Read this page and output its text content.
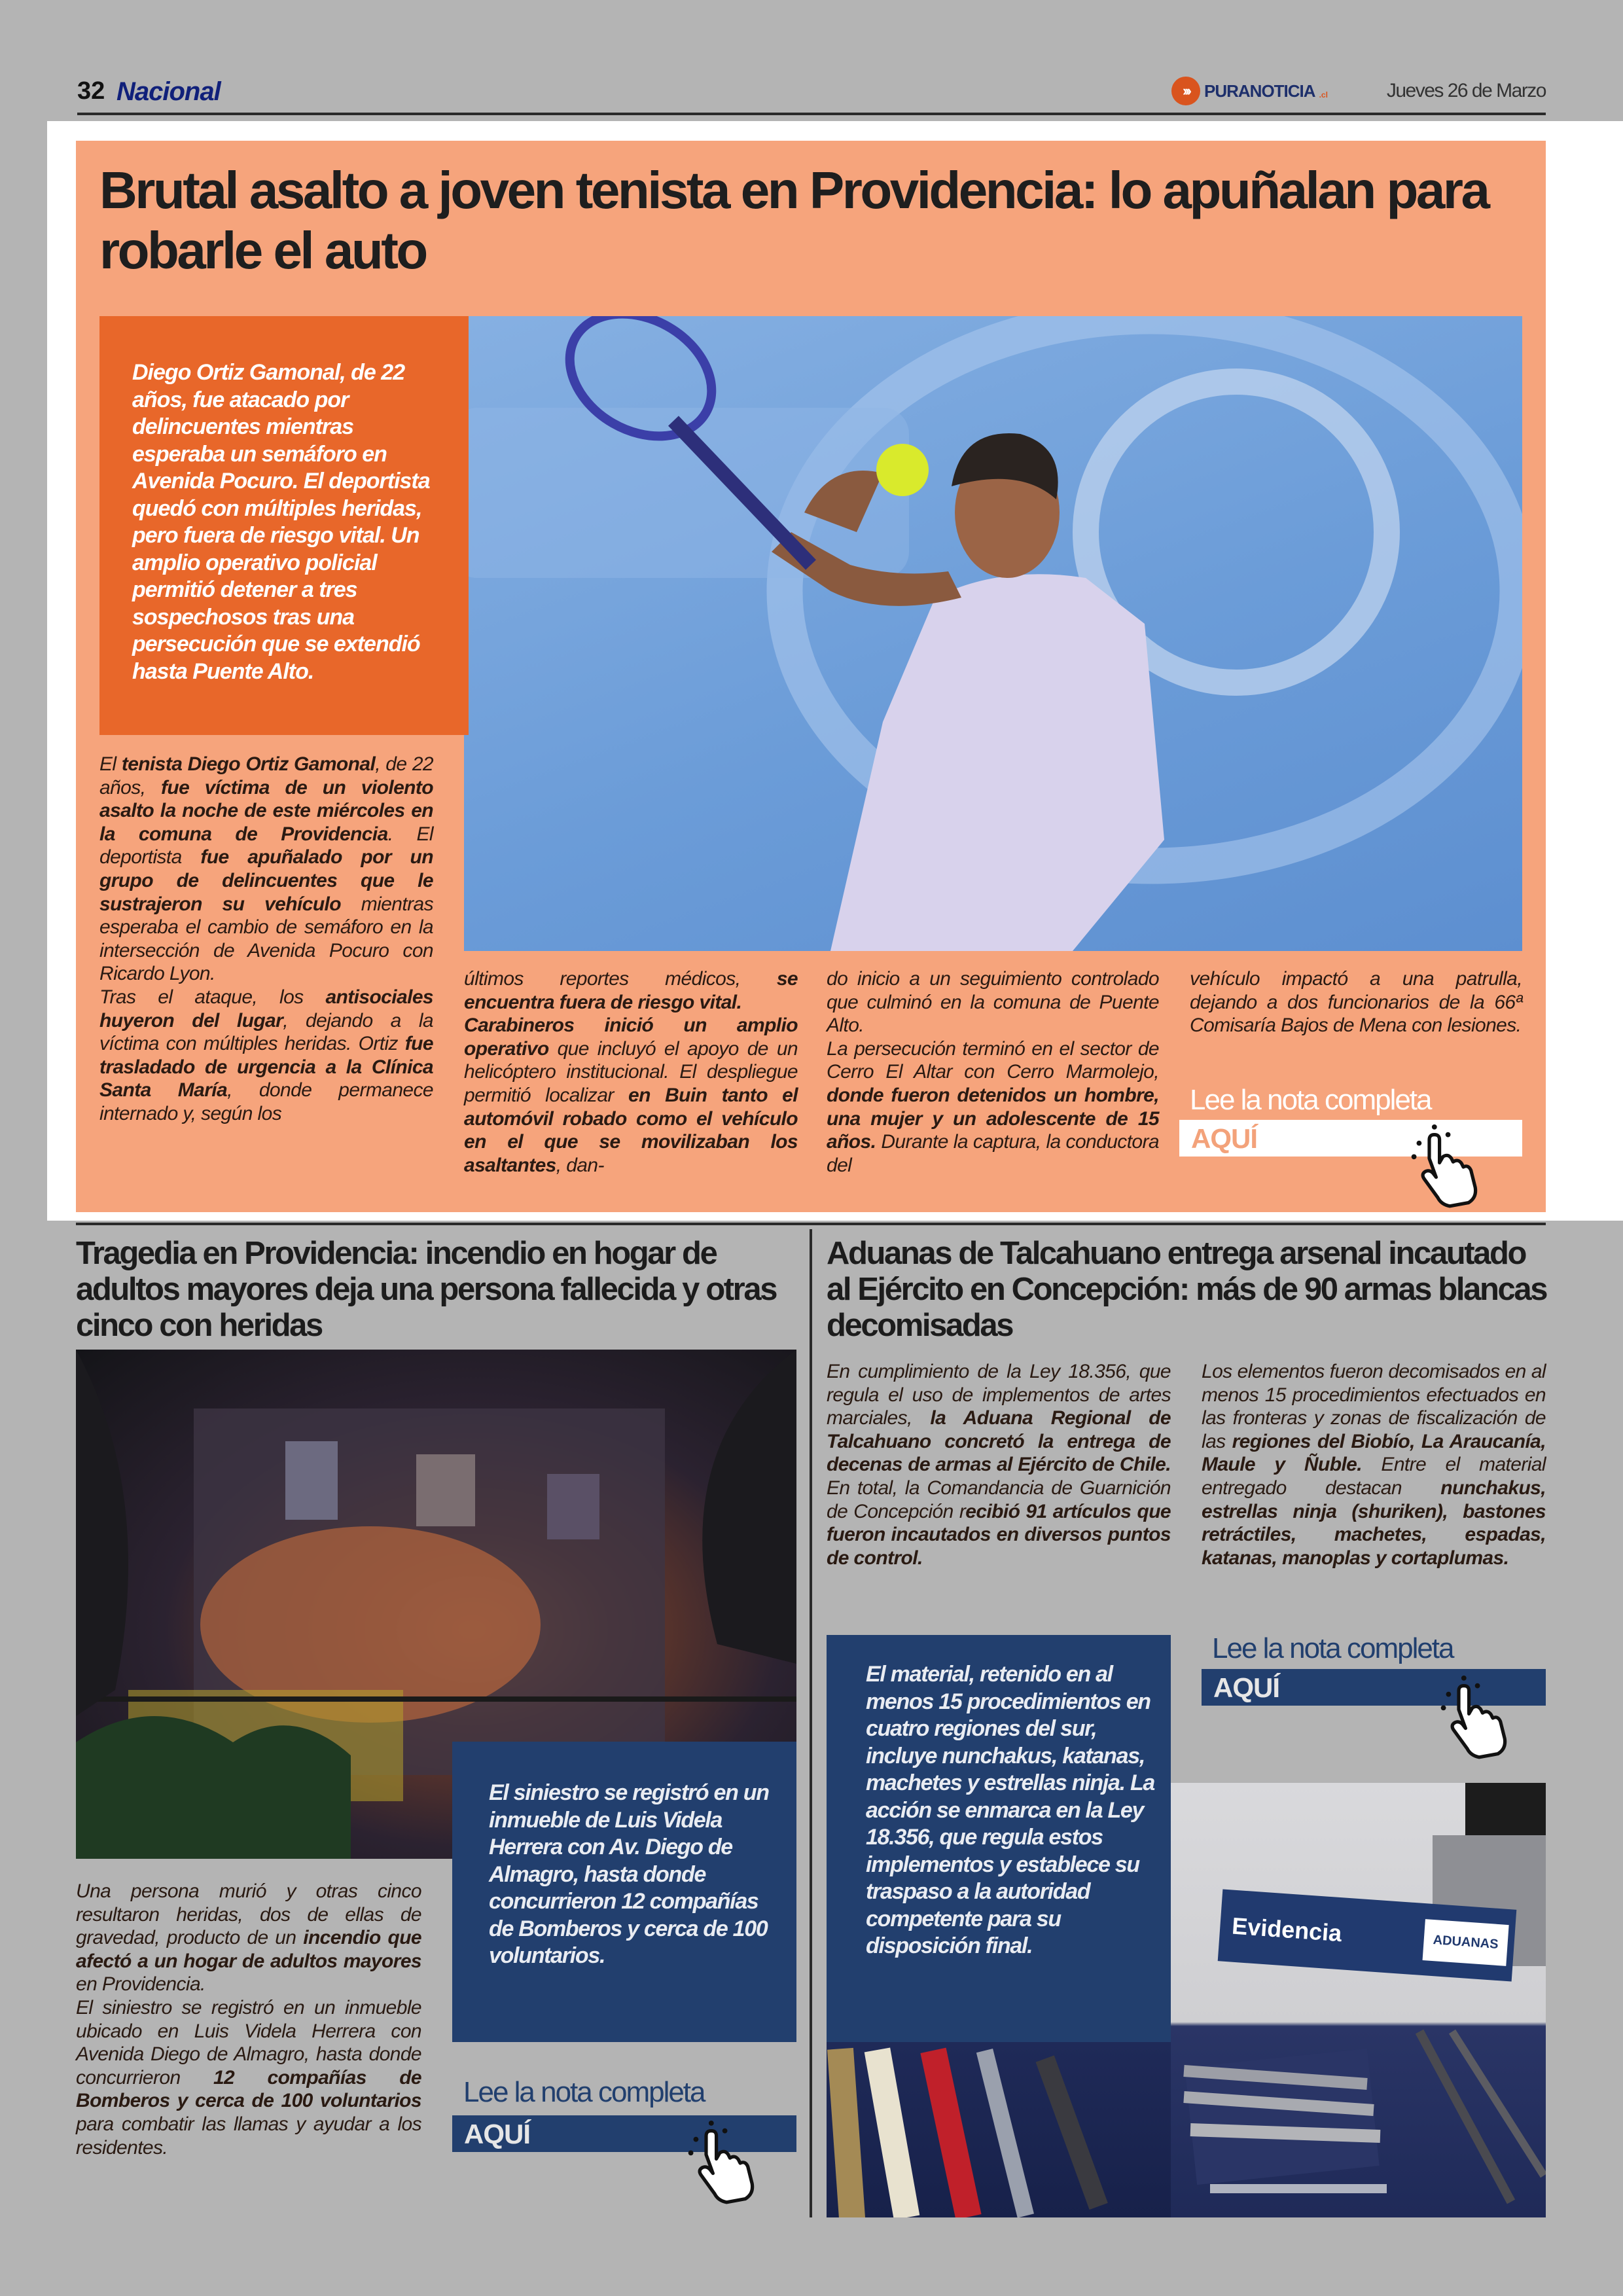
32 Nacional	››› PURANOTICIA .cl	Jueves 26 de Marzo
Brutal asalto a joven tenista en Providencia: lo apuñalan para robarle el auto
Diego Ortiz Gamonal, de 22 años, fue atacado por delincuentes mientras esperaba un semáforo en Avenida Pocuro. El deportista quedó con múltiples heridas, pero fuera de riesgo vital. Un amplio operativo policial permitió detener a tres sospechosos tras una persecución que se extendió hasta Puente Alto.

El tenista Diego Ortiz Gamonal, de 22 años, fue víctima de un violento asalto la noche de este miércoles en la comuna de Providencia. El deportista fue apuñalado por un grupo de delincuentes que le sustrajeron su vehículo mientras esperaba el cambio de semáforo en la intersección de Avenida Pocuro con Ricardo Lyon.

Tras el ataque, los antisociales huyeron del lugar, dejando a la víctima con múltiples heridas. Ortiz fue trasladado de urgencia a la Clínica Santa María, donde permanece internado y, según los

últimos reportes médicos, se encuentra fuera de riesgo vital.

Carabineros inició un amplio operativo que incluyó el apoyo de un helicóptero institucional. El despliegue permitió localizar en Buin tanto el automóvil robado como el vehículo en el que se movilizaban los asaltantes, dan-

do inicio a un seguimiento controlado que culminó en la comuna de Puente Alto.

La persecución terminó en el sector de Cerro El Altar con Cerro Marmolejo, donde fueron detenidos un hombre, una mujer y un adolescente de 15 años. Durante la captura, la conductora del

vehículo impactó a una patrulla, dejando a dos funcionarios de la 66ª Comisaría Bajos de Mena con lesiones.

Lee la nota completa
AQUÍ
Tragedia en Providencia: incendio en hogar de adultos mayores deja una persona fallecida y otras cinco con heridas
El siniestro se registró en un inmueble de Luis Videla Herrera con Av. Diego de Almagro, hasta donde concurrieron 12 compañías de Bomberos y cerca de 100 voluntarios.

Una persona murió y otras cinco resultaron heridas, dos de ellas de gravedad, producto de un incendio que afectó a un hogar de adultos mayores en Providencia.

El siniestro se registró en un inmueble ubicado en Luis Videla Herrera con Avenida Diego de Almagro, hasta donde concurrieron 12 compañías de Bomberos y cerca de 100 voluntarios para combatir las llamas y ayudar a los residentes.

Lee la nota completa
AQUÍ
Aduanas de Talcahuano entrega arsenal incautado al Ejército en Concepción: más de 90 armas blancas decomisadas

En cumplimiento de la Ley 18.356, que regula el uso de implementos de artes marciales, la Aduana Regional de Talcahuano concretó la entrega de decenas de armas al Ejército de Chile. En total, la Comandancia de Guarnición de Concepción recibió 91 artículos que fueron incautados en diversos puntos de control.

Los elementos fueron decomisados en al menos 15 procedimientos efectuados en las fronteras y zonas de fiscalización de las regiones del Biobío, La Araucanía, Maule y Ñuble. Entre el material entregado destacan nunchakus, estrellas ninja (shuriken), bastones retráctiles, machetes, espadas, katanas, manoplas y cortaplumas.

El material, retenido en al menos 15 procedimientos en cuatro regiones del sur, incluye nunchakus, katanas, machetes y estrellas ninja. La acción se enmarca en la Ley 18.356, que regula estos implementos y establece su traspaso a la autoridad competente para su disposición final.
Lee la nota completa
AQUÍ
Evidencia	ADUANAS
